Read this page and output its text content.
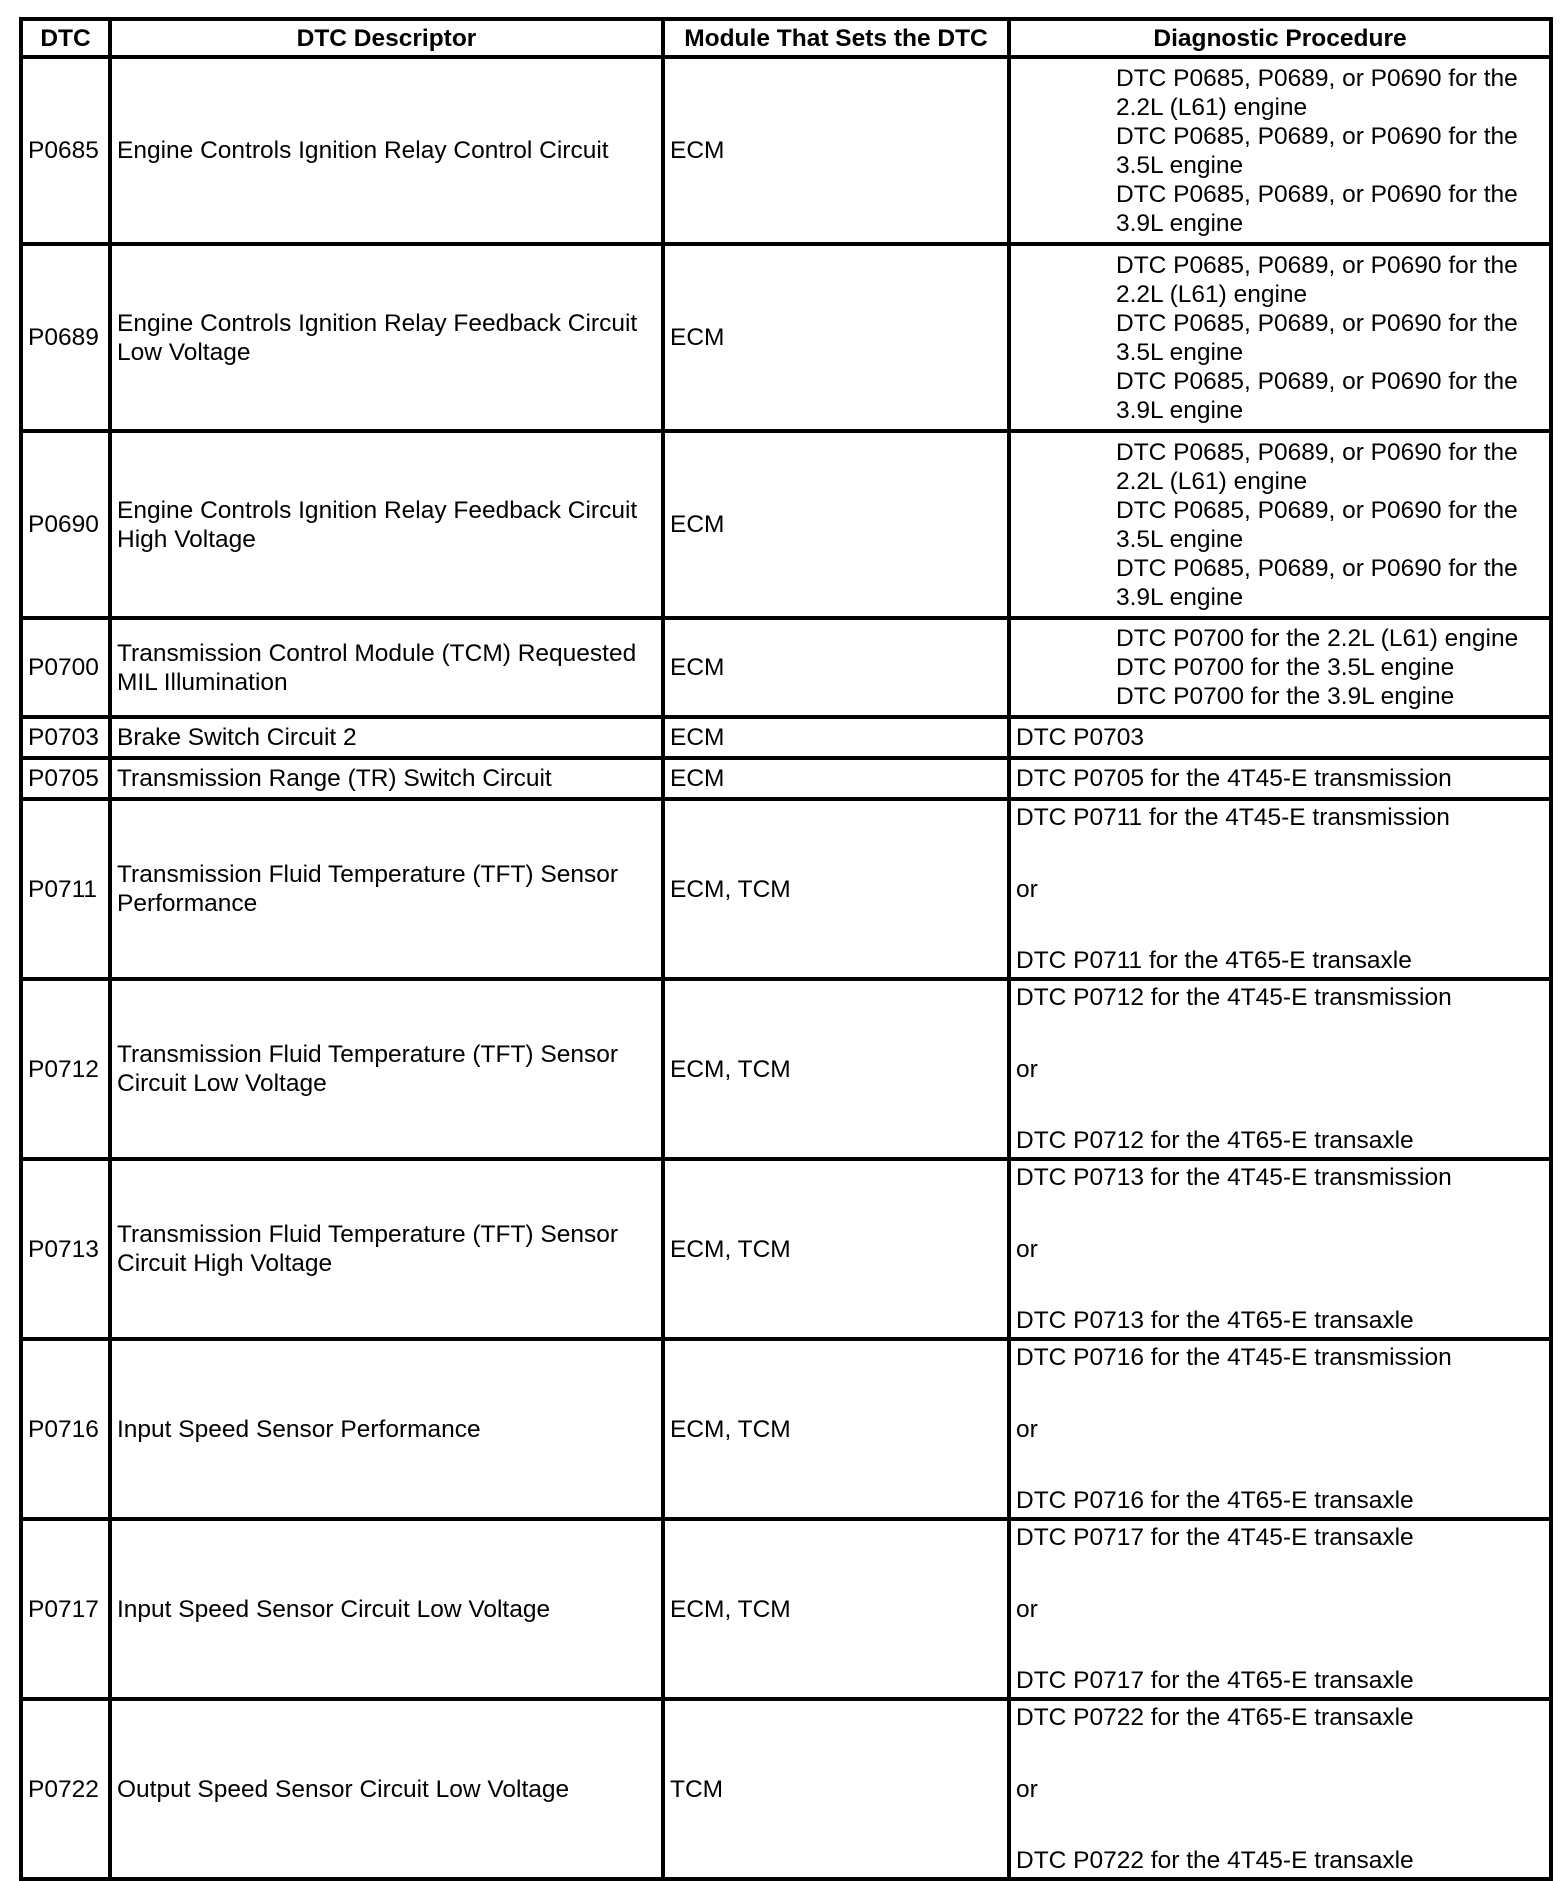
DTC	DTC Descriptor	Module That Sets the DTC	Diagnostic Procedure
P0685	Engine Controls Ignition Relay Control Circuit	ECM	DTC P0685, P0689, or P0690 for the 2.2L (L61) engine
DTC P0685, P0689, or P0690 for the 3.5L engine
DTC P0685, P0689, or P0690 for the 3.9L engine

P0689	Engine Controls Ignition Relay Feedback Circuit Low Voltage	ECM	DTC P0685, P0689, or P0690 for the 2.2L (L61) engine
DTC P0685, P0689, or P0690 for the 3.5L engine
DTC P0685, P0689, or P0690 for the 3.9L engine

P0690	Engine Controls Ignition Relay Feedback Circuit High Voltage	ECM	DTC P0685, P0689, or P0690 for the 2.2L (L61) engine
DTC P0685, P0689, or P0690 for the 3.5L engine
DTC P0685, P0689, or P0690 for the 3.9L engine

P0700	Transmission Control Module (TCM) Requested MIL Illumination	ECM	DTC P0700 for the 2.2L (L61) engine
DTC P0700 for the 3.5L engine
DTC P0700 for the 3.9L engine

P0703	Brake Switch Circuit 2	ECM	DTC P0703
P0705	Transmission Range (TR) Switch Circuit	ECM	DTC P0705 for the 4T45-E transmission
P0711	Transmission Fluid Temperature (TFT) Sensor Performance	ECM, TCM	DTC P0711 for the 4T45-E transmission
or
DTC P0711 for the 4T65-E transaxle

P0712	Transmission Fluid Temperature (TFT) Sensor Circuit Low Voltage	ECM, TCM	DTC P0712 for the 4T45-E transmission
or
DTC P0712 for the 4T65-E transaxle

P0713	Transmission Fluid Temperature (TFT) Sensor Circuit High Voltage	ECM, TCM	DTC P0713 for the 4T45-E transmission
or
DTC P0713 for the 4T65-E transaxle

P0716	Input Speed Sensor Performance	ECM, TCM	DTC P0716 for the 4T45-E transmission
or
DTC P0716 for the 4T65-E transaxle

P0717	Input Speed Sensor Circuit Low Voltage	ECM, TCM	DTC P0717 for the 4T45-E transaxle
or
DTC P0717 for the 4T65-E transaxle

P0722	Output Speed Sensor Circuit Low Voltage	TCM	DTC P0722 for the 4T65-E transaxle
or
DTC P0722 for the 4T45-E transaxle
